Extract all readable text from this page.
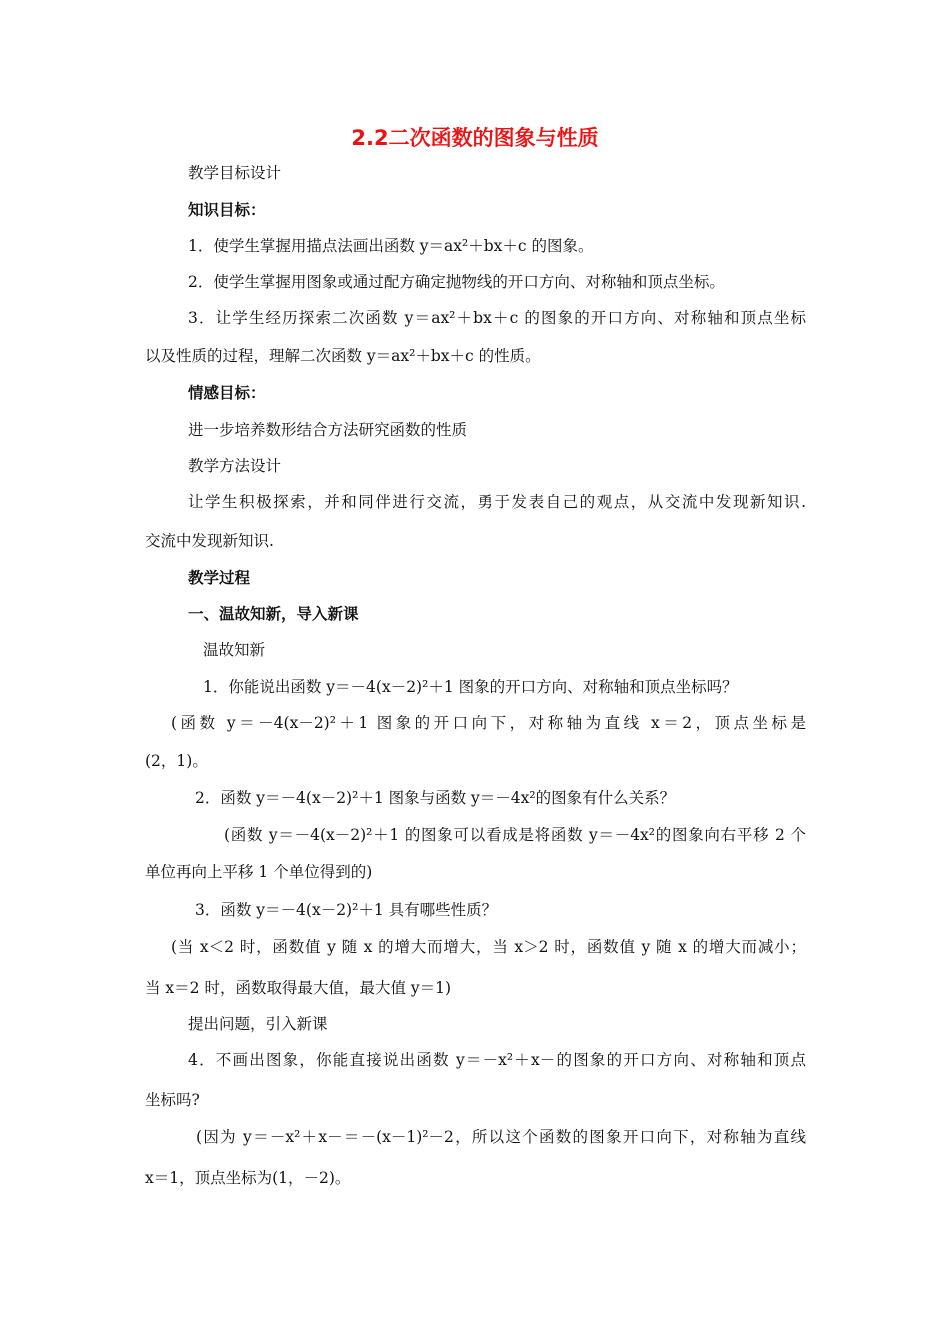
2.2二次函数的图象与性质
教学目标设计
知识目标：
1．使学生掌握用描点法画出函数 y＝ax²＋bx＋c 的图象。
2．使学生掌握用图象或通过配方确定抛物线的开口方向、对称轴和顶点坐标。
3．让学生经历探索二次函数 y＝ax²＋bx＋c 的图象的开口方向、对称轴和顶点坐标
以及性质的过程，理解二次函数 y＝ax²＋bx＋c 的性质。
情感目标：
进一步培养数形结合方法研究函数的性质
教学方法设计
让学生积极探索，并和同伴进行交流，勇于发表自己的观点，从交流中发现新知识.
交流中发现新知识.
教学过程
一、温故知新，导入新课
温故知新
1．你能说出函数 y＝－4(x－2)²＋1 图象的开口方向、对称轴和顶点坐标吗？
(函数 y＝－4(x－2)²＋1 图象的开口向下，对称轴为直线 x＝2，顶点坐标是
(2，1)。
2．函数 y＝－4(x－2)²＋1 图象与函数 y＝－4x²的图象有什么关系？
(函数 y＝－4(x－2)²＋1 的图象可以看成是将函数 y＝－4x²的图象向右平移 2 个
单位再向上平移 1 个单位得到的)
3．函数 y＝－4(x－2)²＋1 具有哪些性质？
(当 x＜2 时，函数值 y 随 x 的增大而增大，当 x＞2 时，函数值 y 随 x 的增大而减小；
当 x＝2 时，函数取得最大值，最大值 y＝1)
提出问题，引入新课
4．不画出图象，你能直接说出函数 y＝－x²＋x－的图象的开口方向、对称轴和顶点
坐标吗?
(因为 y＝－x²＋x－＝－(x－1)²－2，所以这个函数的图象开口向下，对称轴为直线
x＝1，顶点坐标为(1，－2)。
